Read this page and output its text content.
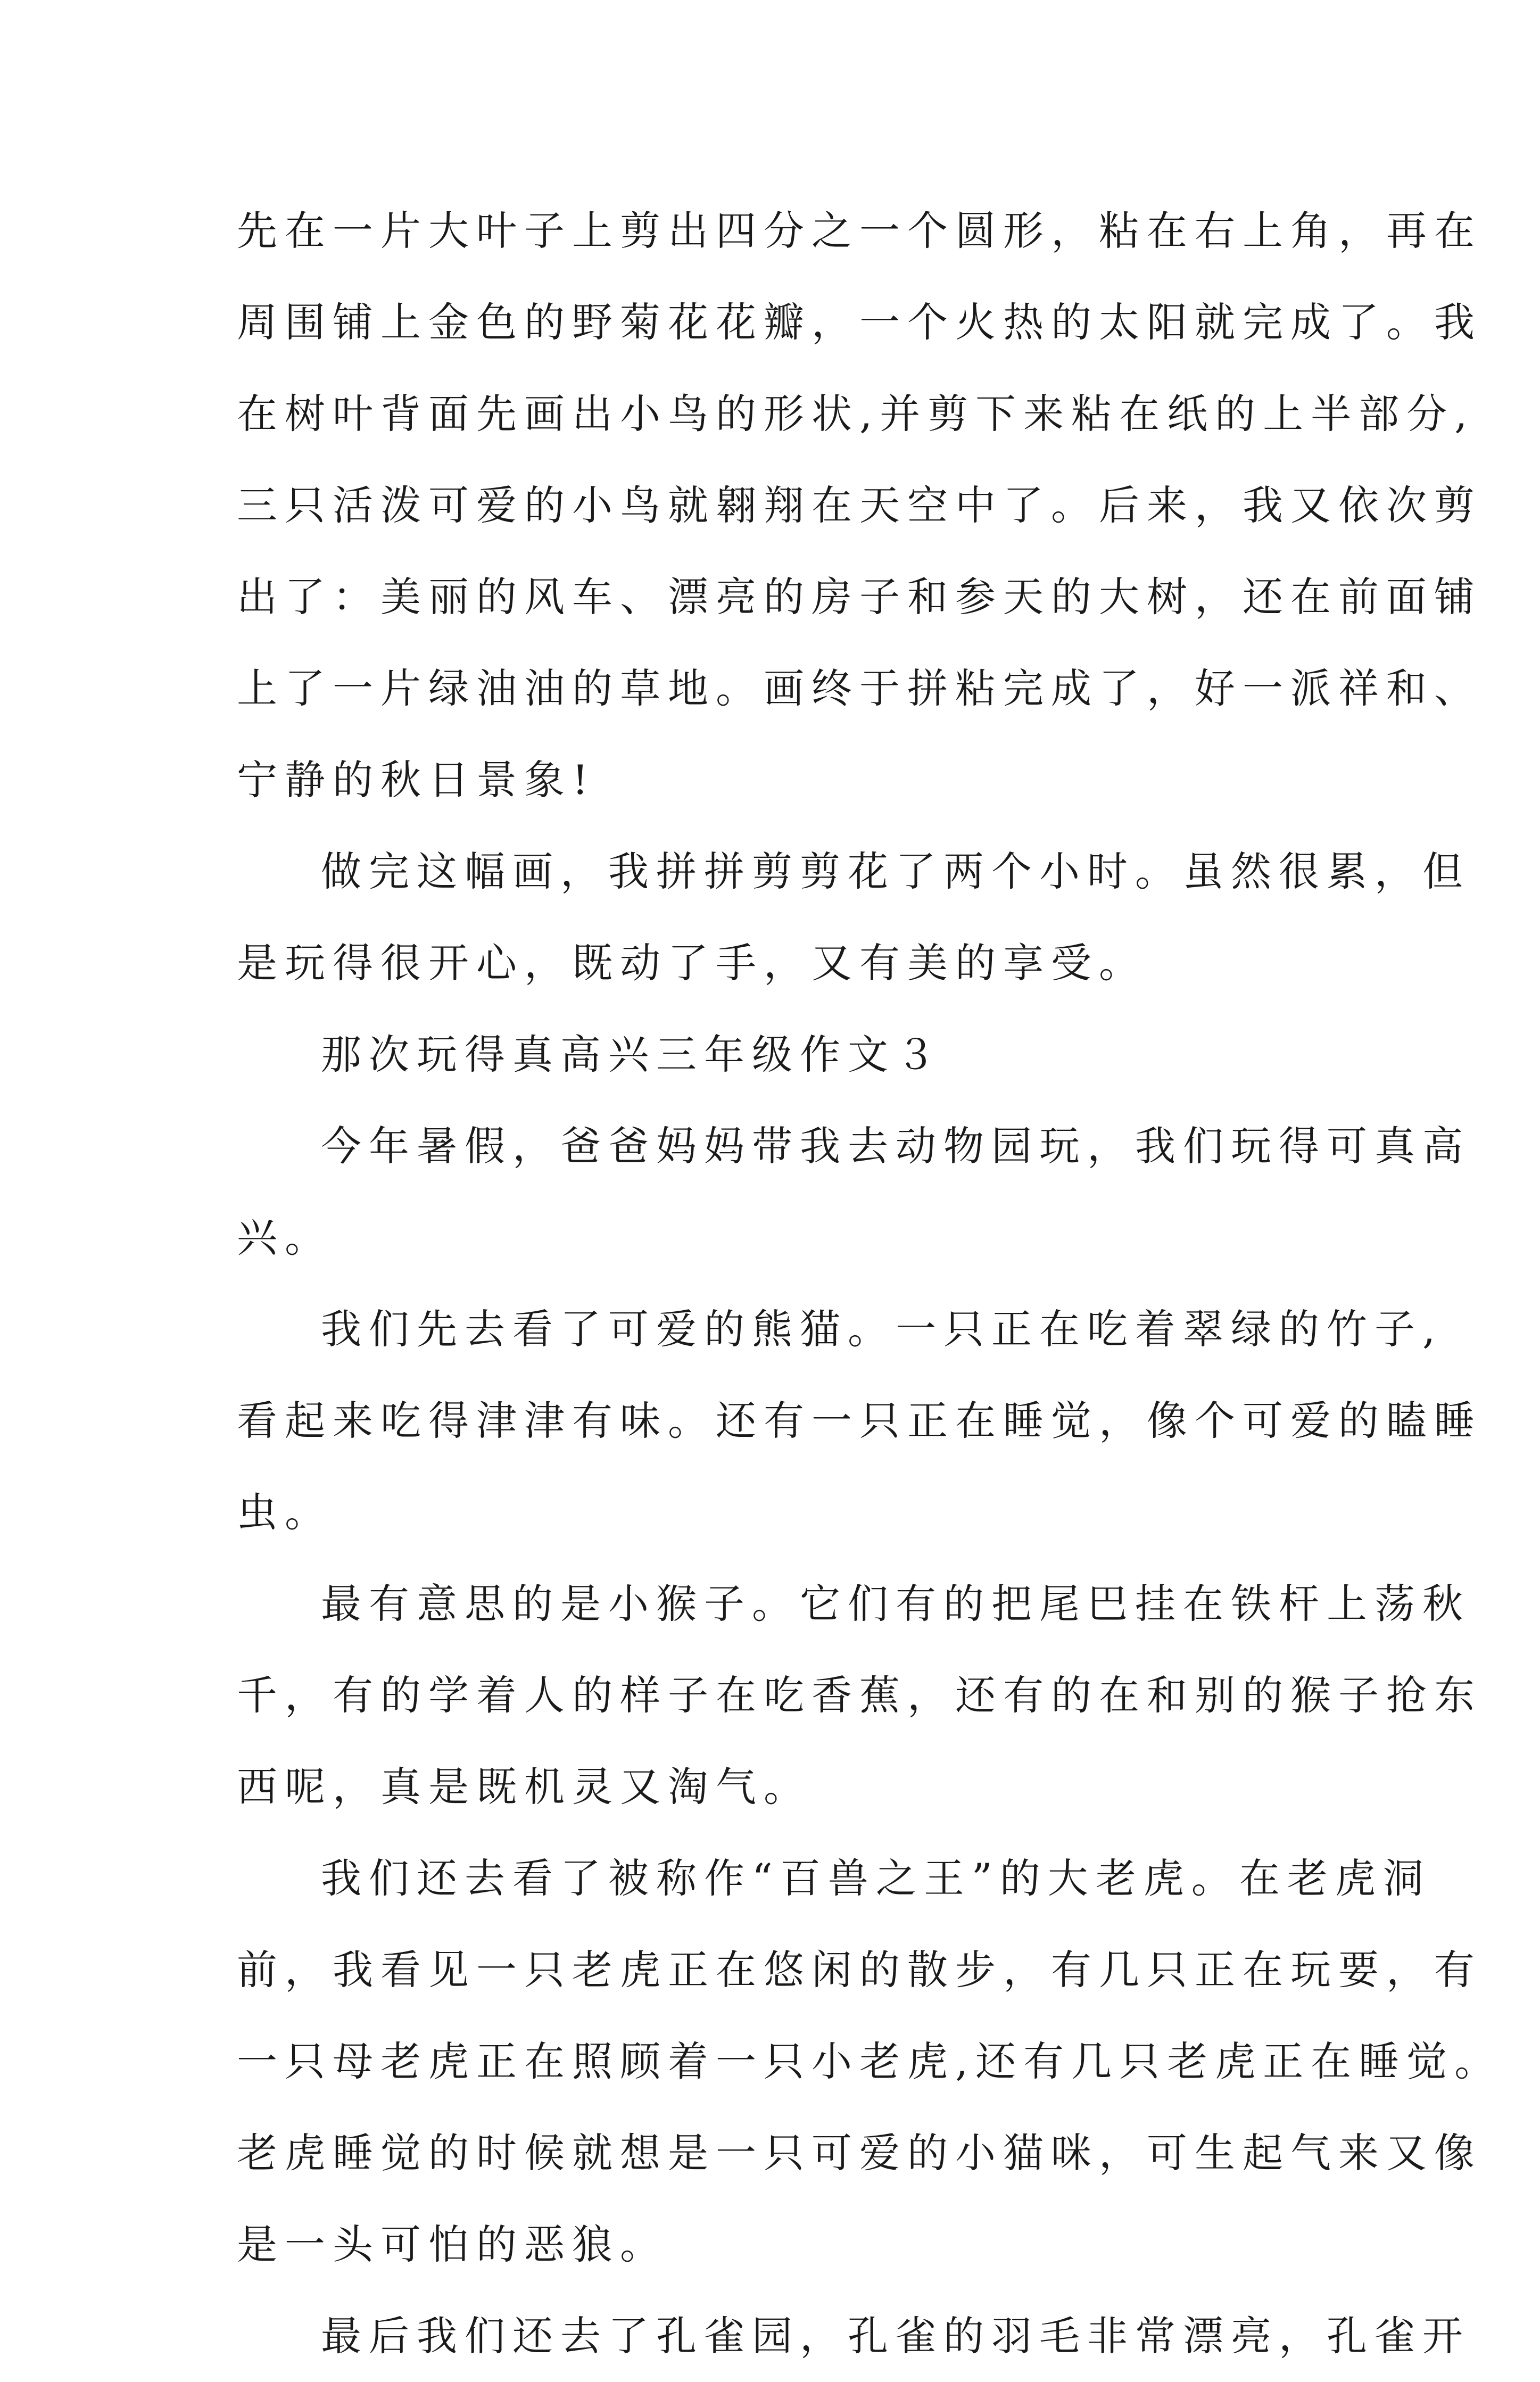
先在一片大叶子上剪出四分之一个圆形，粘在右上角，再在
周围铺上金色的野菊花花瓣，一个火热的太阳就完成了。我
在树叶背面先画出小鸟的形状,并剪下来粘在纸的上半部分,
三只活泼可爱的小鸟就翱翔在天空中了。后来，我又依次剪
出了：美丽的风车、漂亮的房子和参天的大树，还在前面铺
上了一片绿油油的草地。画终于拼粘完成了，好一派祥和、
宁静的秋日景象!
做完这幅画，我拼拼剪剪花了两个小时。虽然很累，但
是玩得很开心，既动了手，又有美的享受。
那次玩得真高兴三年级作文３
今年暑假，爸爸妈妈带我去动物园玩，我们玩得可真高
兴。
我们先去看了可爱的熊猫。一只正在吃着翠绿的竹子,
看起来吃得津津有味。还有一只正在睡觉，像个可爱的瞌睡
虫。
最有意思的是小猴子。它们有的把尾巴挂在铁杆上荡秋
千，有的学着人的样子在吃香蕉，还有的在和别的猴子抢东
西呢，真是既机灵又淘气。
我们还去看了被称作“百兽之王”的大老虎。在老虎洞
前，我看见一只老虎正在悠闲的散步，有几只正在玩要，有
一只母老虎正在照顾着一只小老虎,还有几只老虎正在睡觉。
老虎睡觉的时候就想是一只可爱的小猫咪，可生起气来又像
是一头可怕的恶狼。
最后我们还去了孔雀园，孔雀的羽毛非常漂亮，孔雀开
